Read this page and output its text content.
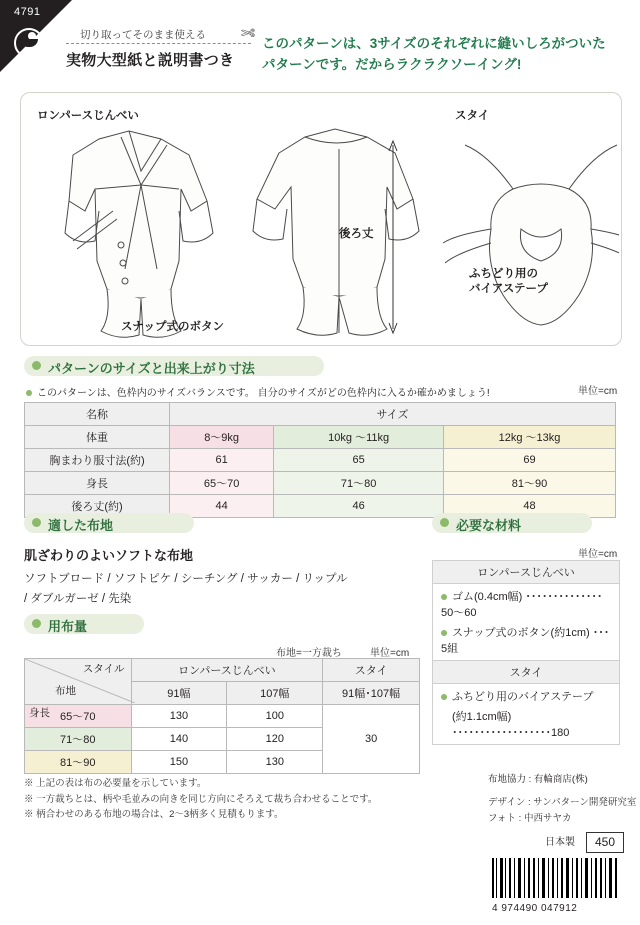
4791
切り取ってそのまま使える
実物大型紙と説明書つき
✄
このパターンは、3サイズのそれぞれに縫いしろがついた
パターンです。だからラクラクソーイング!
ロンパースじんべい	スタイ
スナップ式のボタン
後ろ丈
ふちどり用の
バイアステープ
パターンのサイズと出来上がり寸法
このパターンは、色枠内のサイズバランスです。 自分のサイズがどの色枠内に入るか確かめましょう!	単位=cm
名称	サイズ		
体重	8〜9kg	10kg 〜11kg	12kg 〜13kg
胸まわり服寸法(約)	61	65	69
身長	65〜70	71〜80	81〜90
後ろ丈(約)	44	46	48
適した布地
肌ざわりのよいソフトな布地
ソフトブロード / ソフトピケ / シーチング / サッカー / リップル
/ ダブルガーゼ / 先染
必要な材料
単位=cm
ロンパースじんべい
ゴム(0.4cm幅) ･･････････････ 50〜60
スナップ式のボタン(約1cm) ･･･ 5組
スタイ
ふちどり用のバイアステープ
(約1.1cm幅) ･･････････････････180
用布量
布地=一方裁ち	単位=cm
スタイル
布地
身長	ロンパースじんべい		スタイ
	91幅	107幅	91幅･107幅
65〜70	130	100	30
71〜80	140	120	
81〜90	150	130	
※ 上記の表は布の必要量を示しています。
※ 一方裁ちとは、柄や毛並みの向きを同じ方向にそろえて裁ち合わせることです。
※ 柄合わせのある布地の場合は、2〜3柄多く見積もります。
布地協力 : 有輪商店(株)
デザイン : サンパターン開発研究室
フォト : 中西サヤカ
日本製	450
4 974490 047912
